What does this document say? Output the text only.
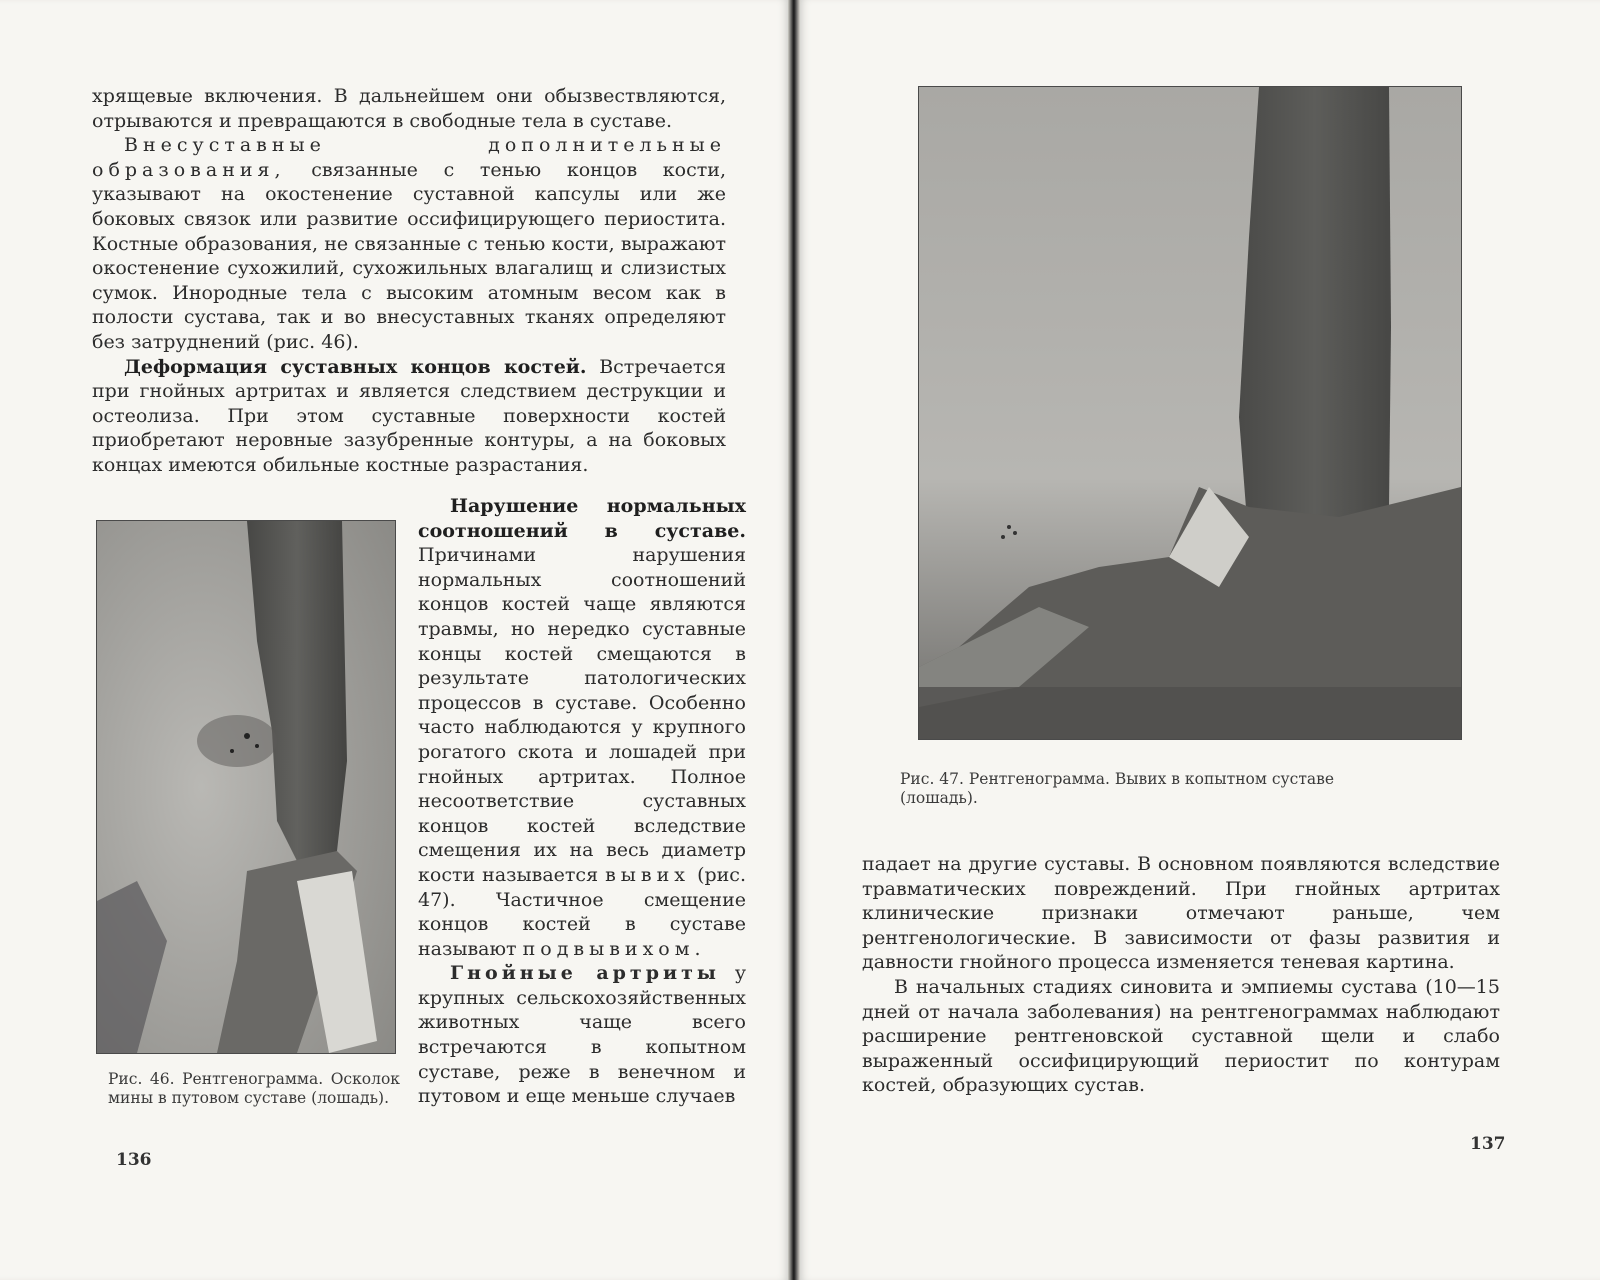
хрящевые включения. В дальнейшем они обызвествляются, отрываются и превращаются в свободные тела в суставе.

Внесуставные дополнительные образования, связанные с тенью концов кости, указывают на окостенение суставной капсулы или же боковых связок или развитие оссифицирующего периостита. Костные образования, не связанные с тенью кости, выражают окостенение сухожилий, сухожильных влагалищ и слизистых сумок. Инородные тела с высоким атомным весом как в полости сустава, так и во внесуставных тканях определяют без затруднений (рис. 46).

Деформация суставных концов костей. Встречается при гнойных артритах и является следствием деструкции и остеолиза. При этом суставные поверхности костей приобретают неровные зазубренные контуры, а на боковых концах имеются обильные костные разрастания.

Рис. 46. Рентгенограмма. Осколок мины в путовом суставе (лошадь).

Нарушение нормальных соотношений в суставе. Причинами нарушения нормальных соотношений концов костей чаще являются травмы, но нередко суставные концы костей смещаются в результате патологических процессов в суставе. Особенно часто наблюдаются у крупного рогатого скота и лошадей при гнойных артритах. Полное несоответствие суставных концов костей вследствие смещения их на весь диаметр кости называется вывих (рис. 47). Частичное смещение концов костей в суставе называют подвывихом.

Гнойные артриты у крупных сельскохозяйственных животных чаще всего встречаются в копытном суставе, реже в венечном и путовом и еще меньше случаев

136
Рис. 47. Рентгенограмма. Вывих в копытном суставе (лошадь).

падает на другие суставы. В основном появляются вследствие травматических повреждений. При гнойных артритах клинические признаки отмечают раньше, чем рентгенологические. В зависимости от фазы развития и давности гнойного процесса изменяется теневая картина.

В начальных стадиях синовита и эмпиемы сустава (10—15 дней от начала заболевания) на рентгенограммах наблюдают расширение рентгеновской суставной щели и слабо выраженный оссифицирующий периостит по контурам костей, образующих сустав.

137
